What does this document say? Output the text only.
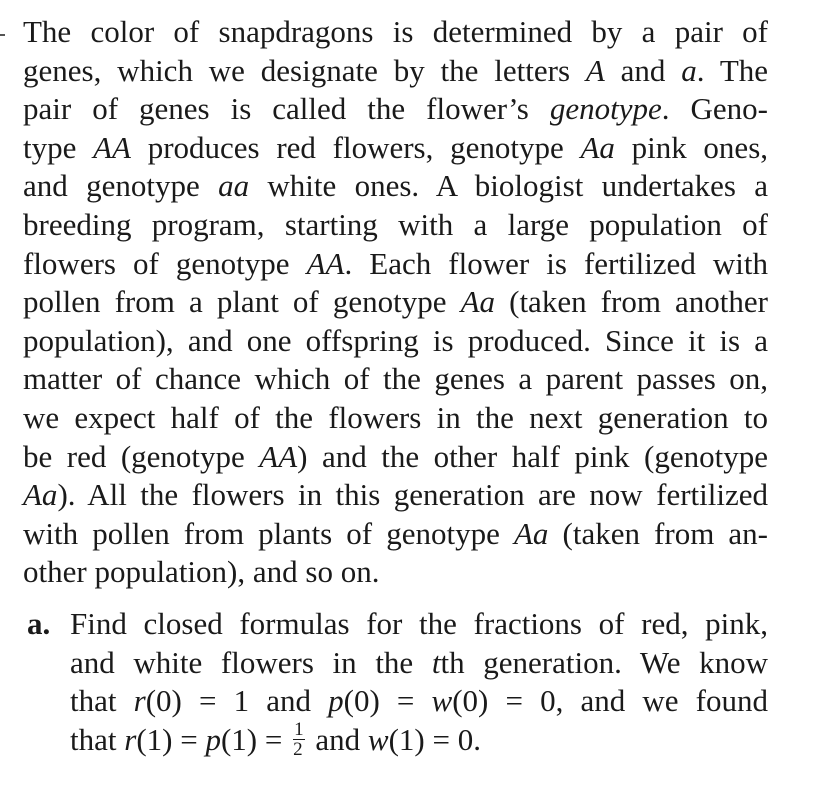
The color of snapdragons is determined by a pair of
genes, which we designate by the letters A and a. The
pair of genes is called the flower’s genotype. Geno-
type AA produces red flowers, genotype Aa pink ones,
and genotype aa white ones. A biologist undertakes a
breeding program, starting with a large population of
flowers of genotype AA. Each flower is fertilized with
pollen from a plant of genotype Aa (taken from another
population), and one offspring is produced. Since it is a
matter of chance which of the genes a parent passes on,
we expect half of the flowers in the next generation to
be red (genotype AA) and the other half pink (genotype
Aa). All the flowers in this generation are now fertilized
with pollen from plants of genotype Aa (taken from an-
other population), and so on.
a. Find closed formulas for the fractions of red, pink,
and white flowers in the tth generation. We know
that r(0) = 1 and p(0) = w(0) = 0, and we found
that $r(1) = p(1) = \frac{1}{2}$ and w(1) = 0.
